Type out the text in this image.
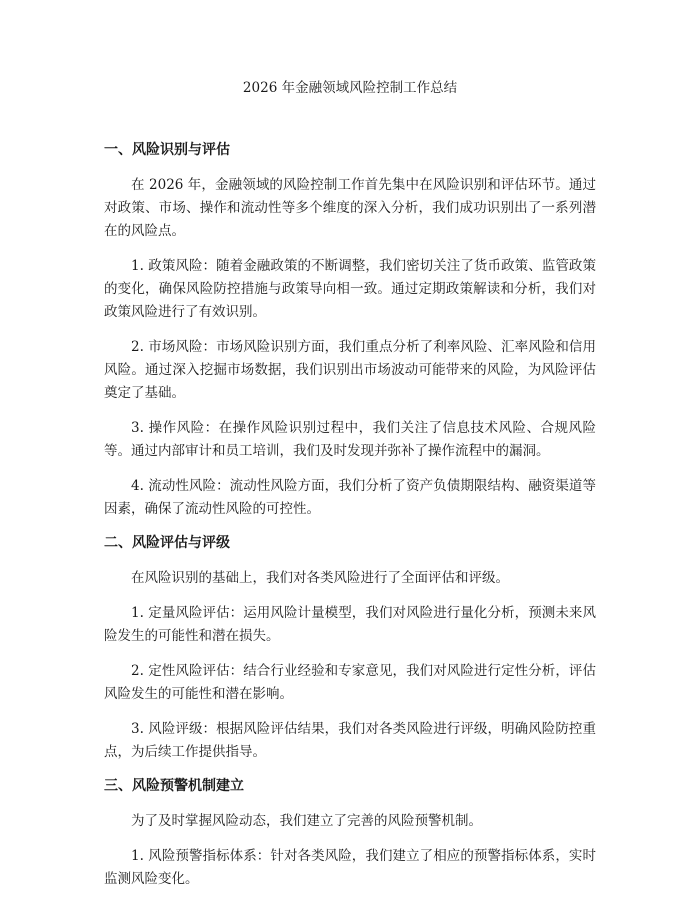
2026 年金融领域风险控制工作总结
一、风险识别与评估

在 2026 年，金融领域的风险控制工作首先集中在风险识别和评估环节。通过对政策、市场、操作和流动性等多个维度的深入分析，我们成功识别出了一系列潜在的风险点。

1. 政策风险：随着金融政策的不断调整，我们密切关注了货币政策、监管政策的变化，确保风险防控措施与政策导向相一致。通过定期政策解读和分析，我们对政策风险进行了有效识别。

2. 市场风险：市场风险识别方面，我们重点分析了利率风险、汇率风险和信用风险。通过深入挖掘市场数据，我们识别出市场波动可能带来的风险，为风险评估奠定了基础。

3. 操作风险：在操作风险识别过程中，我们关注了信息技术风险、合规风险等。通过内部审计和员工培训，我们及时发现并弥补了操作流程中的漏洞。

4. 流动性风险：流动性风险方面，我们分析了资产负债期限结构、融资渠道等因素，确保了流动性风险的可控性。

二、风险评估与评级

在风险识别的基础上，我们对各类风险进行了全面评估和评级。

1. 定量风险评估：运用风险计量模型，我们对风险进行量化分析，预测未来风险发生的可能性和潜在损失。

2. 定性风险评估：结合行业经验和专家意见，我们对风险进行定性分析，评估风险发生的可能性和潜在影响。

3. 风险评级：根据风险评估结果，我们对各类风险进行评级，明确风险防控重点，为后续工作提供指导。

三、风险预警机制建立

为了及时掌握风险动态，我们建立了完善的风险预警机制。

1. 风险预警指标体系：针对各类风险，我们建立了相应的预警指标体系，实时监测风险变化。
